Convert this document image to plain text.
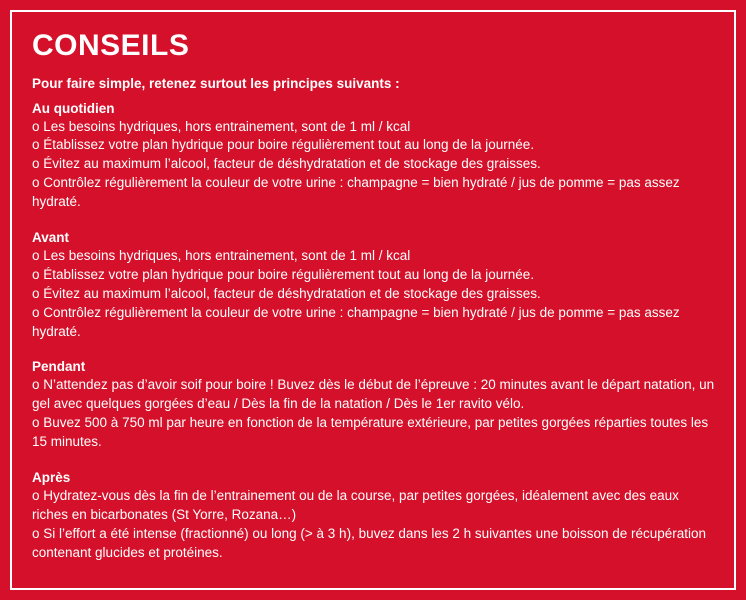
CONSEILS
Pour faire simple, retenez surtout les principes suivants :
Au quotidien

o Les besoins hydriques, hors entrainement, sont de 1 ml / kcal

o Établissez votre plan hydrique pour boire régulièrement tout au long de la journée.

o Évitez au maximum l’alcool, facteur de déshydratation et de stockage des graisses.

o Contrôlez régulièrement la couleur de votre urine : champagne = bien hydraté / jus de pomme = pas assez hydraté.

Avant

o Les besoins hydriques, hors entrainement, sont de 1 ml / kcal

o Établissez votre plan hydrique pour boire régulièrement tout au long de la journée.

o Évitez au maximum l’alcool, facteur de déshydratation et de stockage des graisses.

o Contrôlez régulièrement la couleur de votre urine : champagne = bien hydraté / jus de pomme = pas assez hydraté.

Pendant

o N’attendez pas d’avoir soif pour boire ! Buvez dès le début de l’épreuve : 20 minutes avant le départ natation, un gel avec quelques gorgées d’eau / Dès la fin de la natation / Dès le 1er ravito vélo.

o Buvez 500 à 750 ml par heure en fonction de la température extérieure, par petites gorgées réparties toutes les 15 minutes.

Après

o Hydratez-vous dès la fin de l’entrainement ou de la course, par petites gorgées, idéalement avec des eaux riches en bicarbonates (St Yorre, Rozana…)

o Si l’effort a été intense (fractionné) ou long (> à 3 h), buvez dans les 2 h suivantes une boisson de récupération contenant glucides et protéines.
